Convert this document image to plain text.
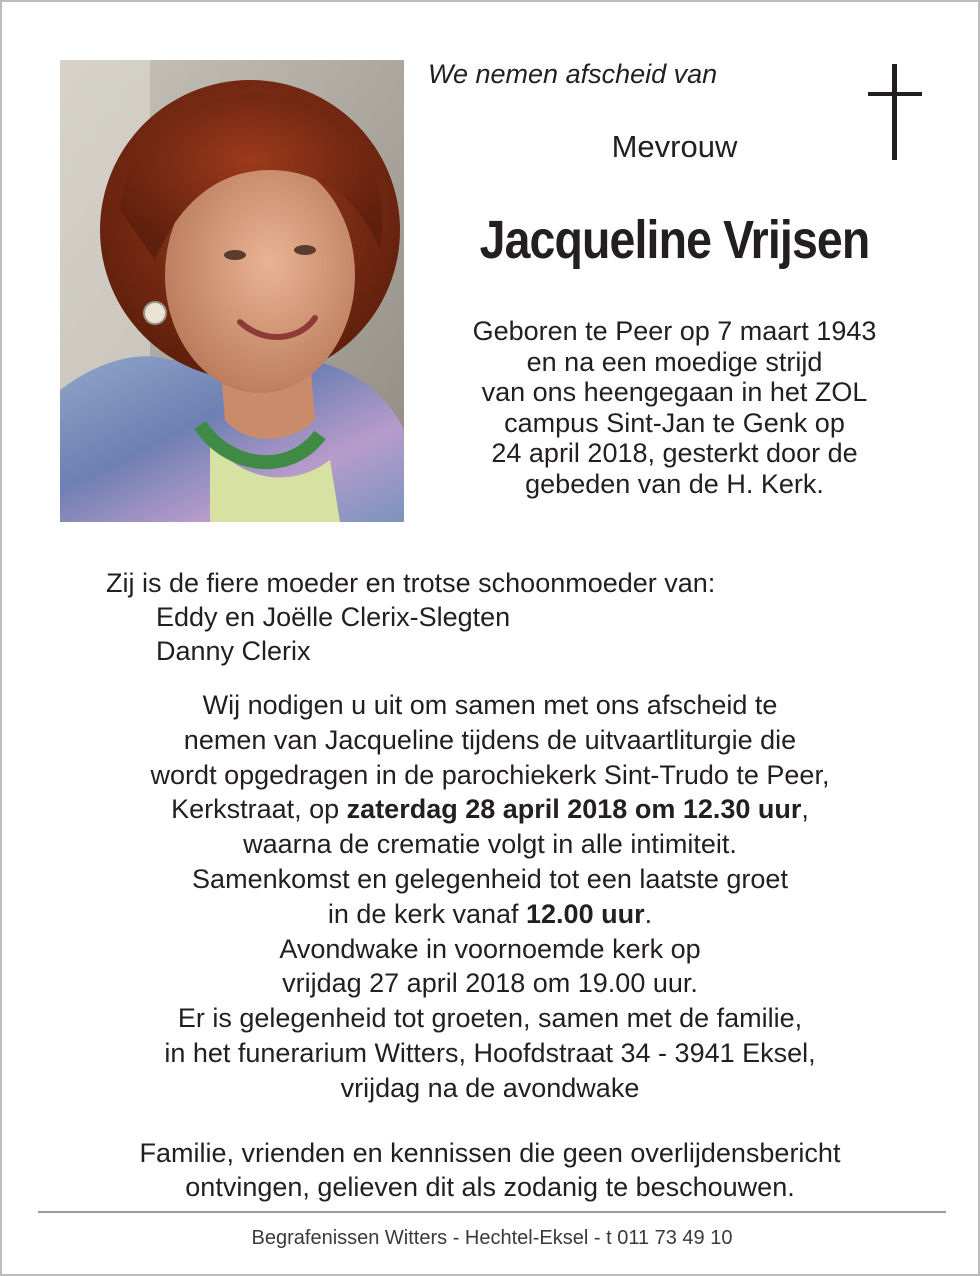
We nemen afscheid van
Mevrouw
Jacqueline Vrijsen
Geboren te Peer op 7 maart 1943
en na een moedige strijd
van ons heengegaan in het ZOL
campus Sint-Jan te Genk op
24 april 2018, gesterkt door de
gebeden van de H. Kerk.
Zij is de fiere moeder en trotse schoonmoeder van:
Eddy en Joëlle Clerix-Slegten
Danny Clerix
Wij nodigen u uit om samen met ons afscheid te
nemen van Jacqueline tijdens de uitvaartliturgie die
wordt opgedragen in de parochiekerk Sint-Trudo te Peer,
Kerkstraat, op zaterdag 28 april 2018 om 12.30 uur,
waarna de crematie volgt in alle intimiteit.
Samenkomst en gelegenheid tot een laatste groet
in de kerk vanaf 12.00 uur.
Avondwake in voornoemde kerk op
vrijdag 27 april 2018 om 19.00 uur.
Er is gelegenheid tot groeten, samen met de familie,
in het funerarium Witters, Hoofdstraat 34 - 3941 Eksel,
vrijdag na de avondwake
Familie, vrienden en kennissen die geen overlijdensbericht
ontvingen, gelieven dit als zodanig te beschouwen.
Begrafenissen Witters - Hechtel-Eksel - t 011 73 49 10
